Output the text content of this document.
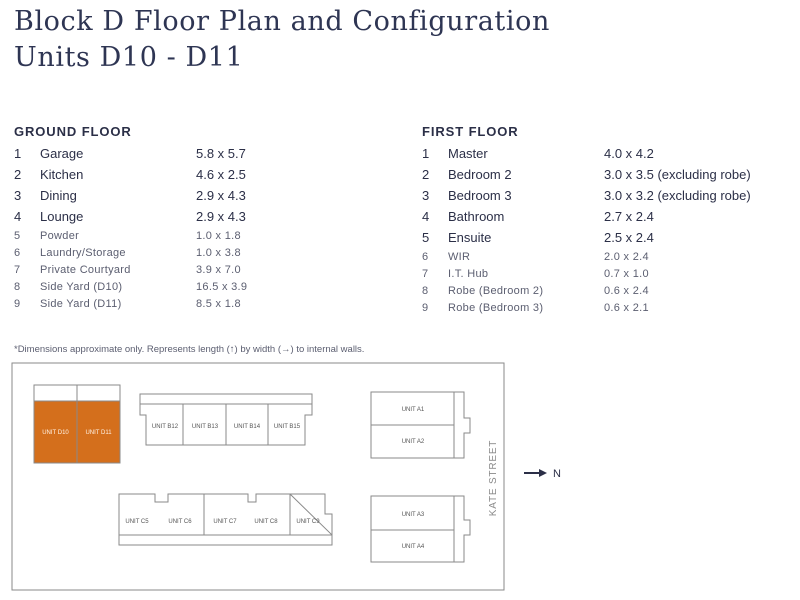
Block D Floor Plan and Configuration
Units D10 - D11
GROUND FLOOR
1	Garage	5.8 x 5.7
2	Kitchen	4.6 x 2.5
3	Dining	2.9 x 4.3
4	Lounge	2.9 x 4.3
5	Powder	1.0 x 1.8
6	Laundry/Storage	1.0 x 3.8
7	Private Courtyard	3.9 x 7.0
8	Side Yard (D10)	16.5 x 3.9
9	Side Yard (D11)	8.5 x 1.8
FIRST FLOOR
1	Master	4.0 x 4.2
2	Bedroom 2	3.0 x 3.5 (excluding robe)
3	Bedroom 3	3.0 x 3.2 (excluding robe)
4	Bathroom	2.7 x 2.4
5	Ensuite	2.5 x 2.4
6	WIR	2.0 x 2.4
7	I.T. Hub	0.7 x 1.0
8	Robe (Bedroom 2)	0.6 x 2.4
9	Robe (Bedroom 3)	0.6 x 2.1
*Dimensions approximate only. Represents length (↑) by width (→) to internal walls.
UNIT D10	UNIT D11
UNIT B12 UNIT B13	UNIT B14 UNIT B15
UNIT C5	UNIT C6	UNIT C7	UNIT C8	UNIT C9
UNIT A1
UNIT A2
UNIT A3
UNIT A4
KATE STREET	N
